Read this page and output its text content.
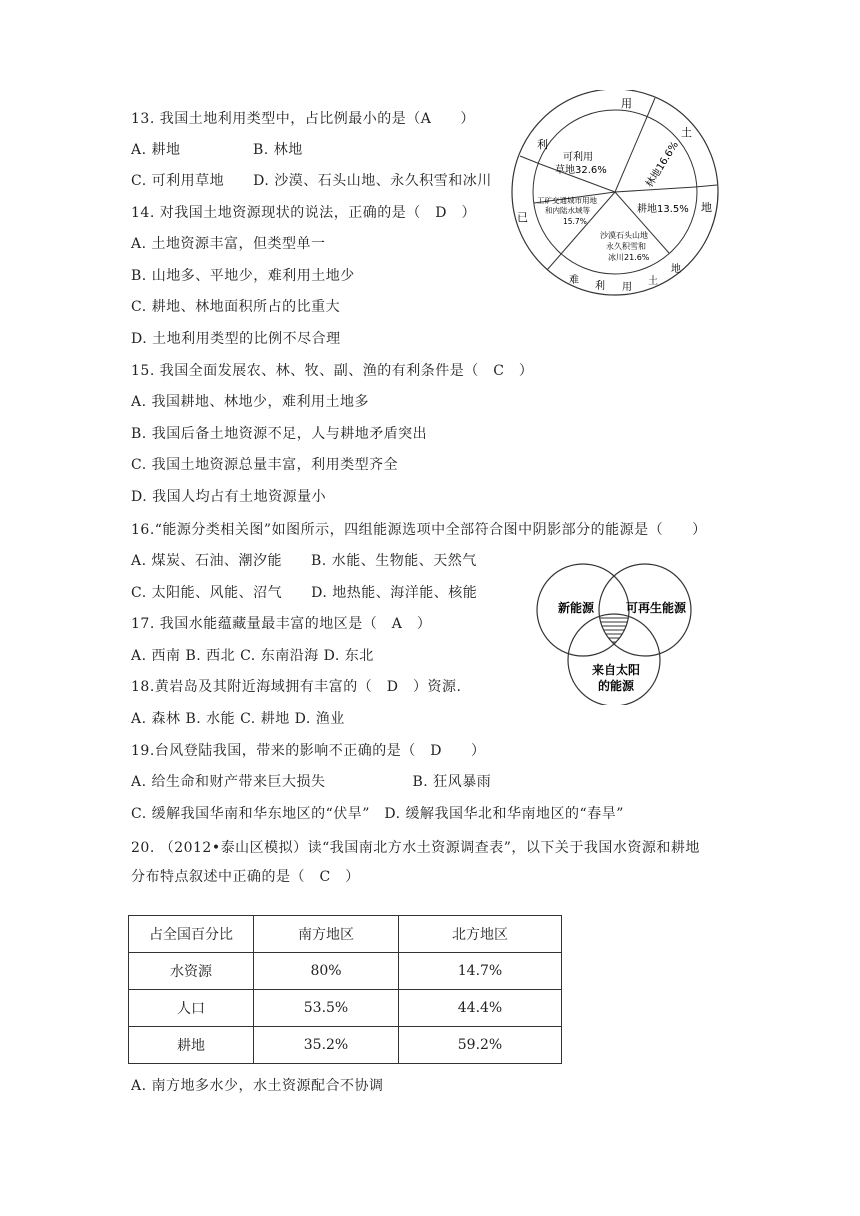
13. 我国土地利用类型中，占比例最小的是（A　　）
A. 耕地　　　　　B. 林地
C. 可利用草地　　D. 沙漠、石头山地、永久积雪和冰川
14. 对我国土地资源现状的说法，正确的是（　D　）
A. 土地资源丰富，但类型单一
B. 山地多、平地少，难利用土地少
C. 耕地、林地面积所占的比重大
D. 土地利用类型的比例不尽合理
15. 我国全面发展农、林、牧、副、渔的有利条件是（　C　）
A. 我国耕地、林地少，难利用土地多
B. 我国后备土地资源不足，人与耕地矛盾突出
C. 我国土地资源总量丰富，利用类型齐全
D. 我国人均占有土地资源量小
16.“能源分类相关图”如图所示，四组能源选项中全部符合图中阴影部分的能源是（　　）
A. 煤炭、石油、潮汐能　　B. 水能、生物能、天然气
C. 太阳能、风能、沼气　　D. 地热能、海洋能、核能
17. 我国水能蕴藏量最丰富的地区是（　A　）
A. 西南 B. 西北 C. 东南沿海 D. 东北
18.黄岩岛及其附近海域拥有丰富的（　D　）资源.
A. 森林 B. 水能 C. 耕地 D. 渔业
19.台风登陆我国，带来的影响不正确的是（　D　　）
A. 给生命和财产带来巨大损失　　　　　　B. 狂风暴雨
C. 缓解我国华南和华东地区的“伏旱”　D. 缓解我国华北和华南地区的“春旱”
20. （2012•泰山区模拟）读“我国南北方水土资源调查表”，以下关于我国水资源和耕地
分布特点叙述中正确的是（　C　）
用
土
地
难
利 用
土
地
已
利
可利用
草地32.6%	林地16.6%
耕地13.5%
沙漠石头山地
永久积雪和
冰川21.6%
工矿交通城市用地
和内陆水域等
15.7%
新能源	可再生能源
来自太阳
的能源
占全国百分比	南方地区	北方地区
水资源	80%	14.7%
人口	53.5%	44.4%
耕地	35.2%	59.2%
A. 南方地多水少，水土资源配合不协调
